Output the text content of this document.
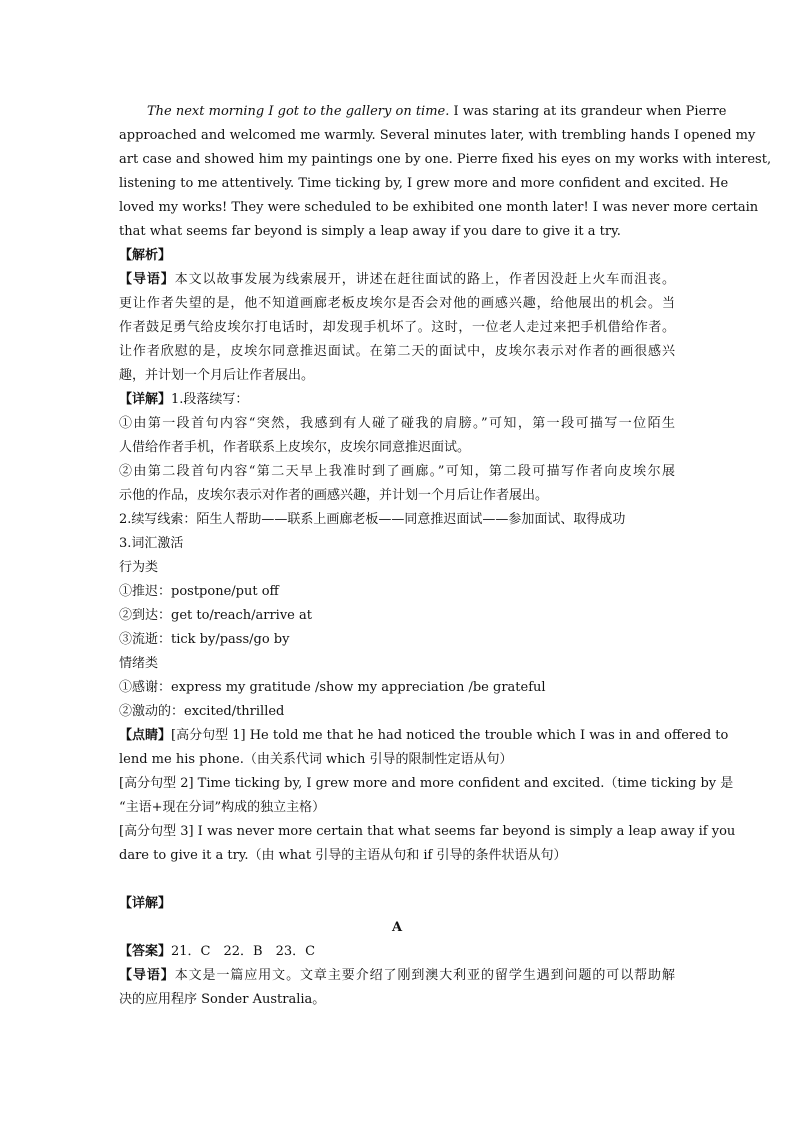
The next morning I got to the gallery on time. I was staring at its grandeur when Pierre
approached and welcomed me warmly. Several minutes later, with trembling hands I opened my
art case and showed him my paintings one by one. Pierre fixed his eyes on my works with interest,
listening to me attentively. Time ticking by, I grew more and more confident and excited. He
loved my works! They were scheduled to be exhibited one month later! I was never more certain
that what seems far beyond is simply a leap away if you dare to give it a try.
【解析】
【导语】本文以故事发展为线索展开，讲述在赶往面试的路上，作者因没赶上火车而沮丧。
更让作者失望的是，他不知道画廊老板皮埃尔是否会对他的画感兴趣，给他展出的机会。当
作者鼓足勇气给皮埃尔打电话时，却发现手机坏了。这时，一位老人走过来把手机借给作者。
让作者欣慰的是，皮埃尔同意推迟面试。在第二天的面试中，皮埃尔表示对作者的画很感兴
趣，并计划一个月后让作者展出。
【详解】1.段落续写：
①由第一段首句内容“突然，我感到有人碰了碰我的肩膀。”可知，第一段可描写一位陌生
人借给作者手机，作者联系上皮埃尔，皮埃尔同意推迟面试。
②由第二段首句内容“第二天早上我准时到了画廊。”可知，第二段可描写作者向皮埃尔展
示他的作品，皮埃尔表示对作者的画感兴趣，并计划一个月后让作者展出。
2.续写线索：陌生人帮助——联系上画廊老板——同意推迟面试——参加面试、取得成功
3.词汇激活
行为类
①推迟：postpone/put off
②到达：get to/reach/arrive at
③流逝：tick by/pass/go by
情绪类
①感谢：express my gratitude /show my appreciation /be grateful
②激动的：excited/thrilled
【点睛】[高分句型 1] He told me that he had noticed the trouble which I was in and offered to
lend me his phone.（由关系代词 which 引导的限制性定语从句）
[高分句型 2] Time ticking by, I grew more and more confident and excited.（time ticking by 是
“主语+现在分词”构成的独立主格）
[高分句型 3] I was never more certain that what seems far beyond is simply a leap away if you
dare to give it a try.（由 what 引导的主语从句和 if 引导的条件状语从句）
【详解】
A
【答案】21．C　22．B　23．C
【导语】本文是一篇应用文。文章主要介绍了刚到澳大利亚的留学生遇到问题的可以帮助解
决的应用程序 Sonder Australia。
